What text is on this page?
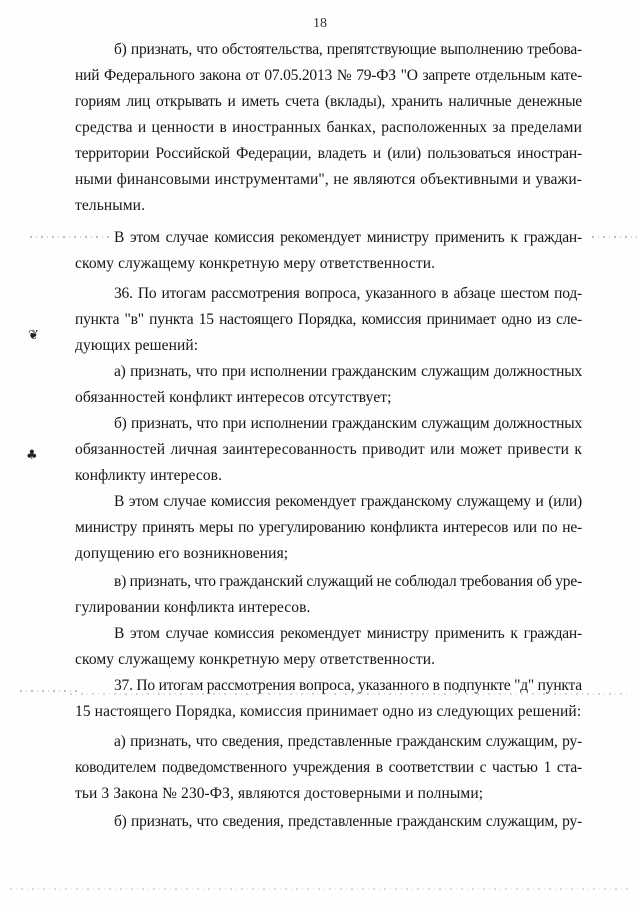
18
❦
♣
б) признать, что обстоятельства, препятствующие выполнению требова-
ний Федерального закона от 07.05.2013 № 79-ФЗ "О запрете отдельным кате-
гориям лиц открывать и иметь счета (вклады), хранить наличные денежные
средства и ценности в иностранных банках, расположенных за пределами
территории Российской Федерации, владеть и (или) пользоваться иностран-
ными финансовыми инструментами", не являются объективными и уважи-
тельными.
В этом случае комиссия рекомендует министру применить к граждан-
скому служащему конкретную меру ответственности.
36. По итогам рассмотрения вопроса, указанного в абзаце шестом под-
пункта "в" пункта 15 настоящего Порядка, комиссия принимает одно из сле-
дующих решений:
а) признать, что при исполнении гражданским служащим должностных
обязанностей конфликт интересов отсутствует;
б) признать, что при исполнении гражданским служащим должностных
обязанностей личная заинтересованность приводит или может привести к
конфликту интересов.
В этом случае комиссия рекомендует гражданскому служащему и (или)
министру принять меры по урегулированию конфликта интересов или по не-
допущению его возникновения;
в) признать, что гражданский служащий не соблюдал требования об уре-
гулировании конфликта интересов.
В этом случае комиссия рекомендует министру применить к граждан-
скому служащему конкретную меру ответственности.
37. По итогам рассмотрения вопроса, указанного в подпункте "д" пункта
15 настоящего Порядка, комиссия принимает одно из следующих решений:
а) признать, что сведения, представленные гражданским служащим, ру-
ководителем подведомственного учреждения в соответствии с частью 1 ста-
тьи 3 Закона № 230-ФЗ, являются достоверными и полными;
б) признать, что сведения, представленные гражданским служащим, ру-
